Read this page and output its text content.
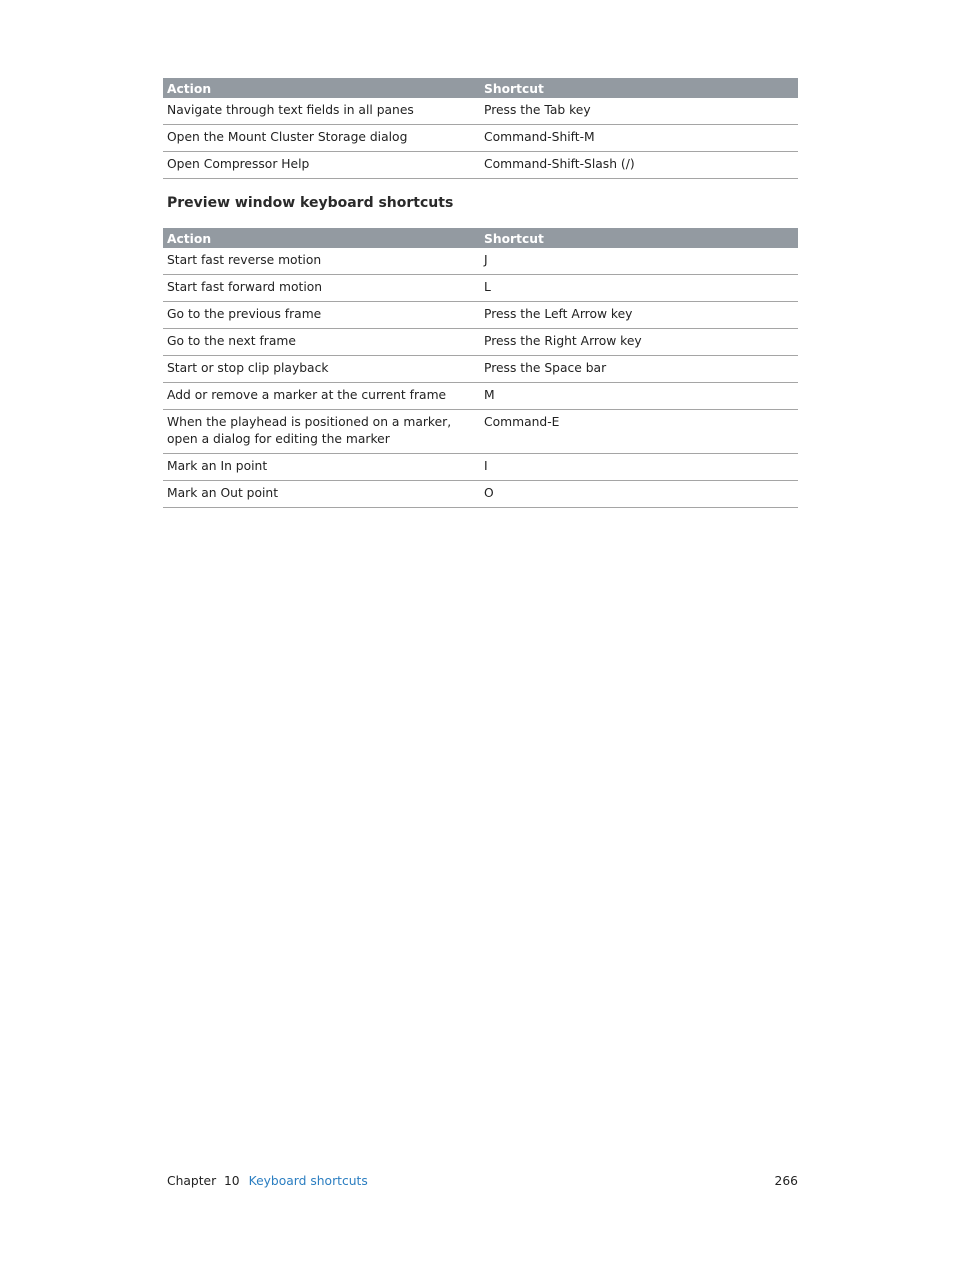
Action	Shortcut
Navigate through text fields in all panes	Press the Tab key
Open the Mount Cluster Storage dialog	Command-Shift-M
Open Compressor Help	Command-Shift-Slash (/)
Preview window keyboard shortcuts
Action	Shortcut
Start fast reverse motion	J
Start fast forward motion	L
Go to the previous frame	Press the Left Arrow key
Go to the next frame	Press the Right Arrow key
Start or stop clip playback	Press the Space bar
Add or remove a marker at the current frame	M
When the playhead is positioned on a marker, open a dialog for editing the marker	Command-E
Mark an In point	I
Mark an Out point	O
Chapter  10 Keyboard shortcuts	266
